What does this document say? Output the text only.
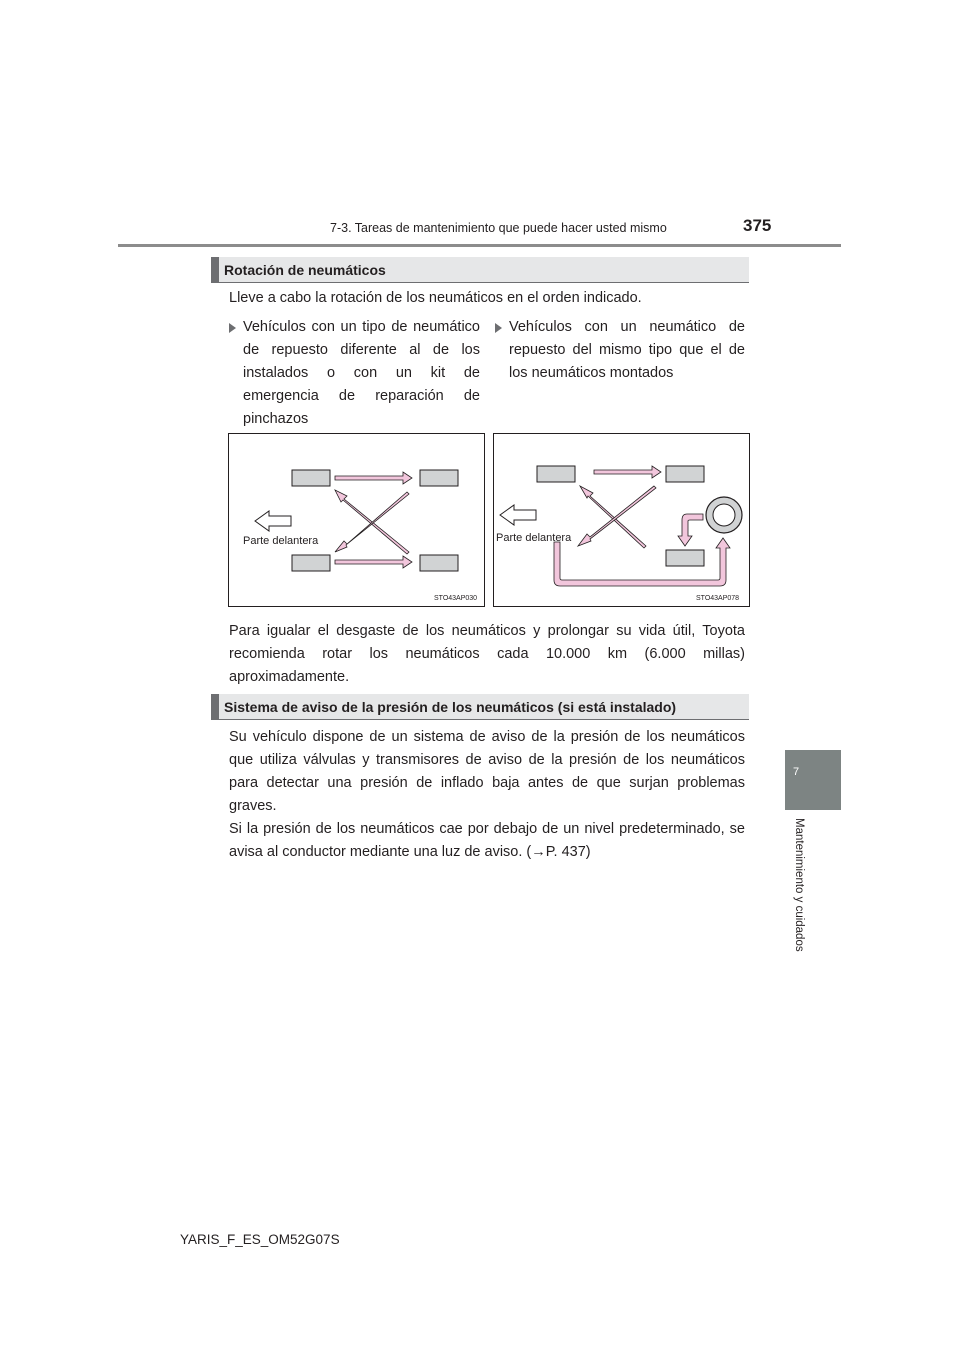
7-3. Tareas de mantenimiento que puede hacer usted mismo	375
7
Mantenimiento y cuidados
Rotación de neumáticos
Lleve a cabo la rotación de los neumáticos en el orden indicado.
Vehículos con un tipo de neumático de repuesto diferente al de los instalados o con un kit de emergencia de reparación de pinchazos
Vehículos con un neumático de repuesto del mismo tipo que el de los neumáticos montados
Parte delantera
STO43AP030
Parte delantera
STO43AP078
Para igualar el desgaste de los neumáticos y prolongar su vida útil, Toyota recomienda rotar los neumáticos cada 10.000 km (6.000 millas) aproximadamente.
Sistema de aviso de la presión de los neumáticos (si está instalado)
Su vehículo dispone de un sistema de aviso de la presión de los neumáticos que utiliza válvulas y transmisores de aviso de la presión de los neumáticos para detectar una presión de inflado baja antes de que surjan problemas graves.
Si la presión de los neumáticos cae por debajo de un nivel predeterminado, se avisa al conductor mediante una luz de aviso. (→P. 437)
YARIS_F_ES_OM52G07S
